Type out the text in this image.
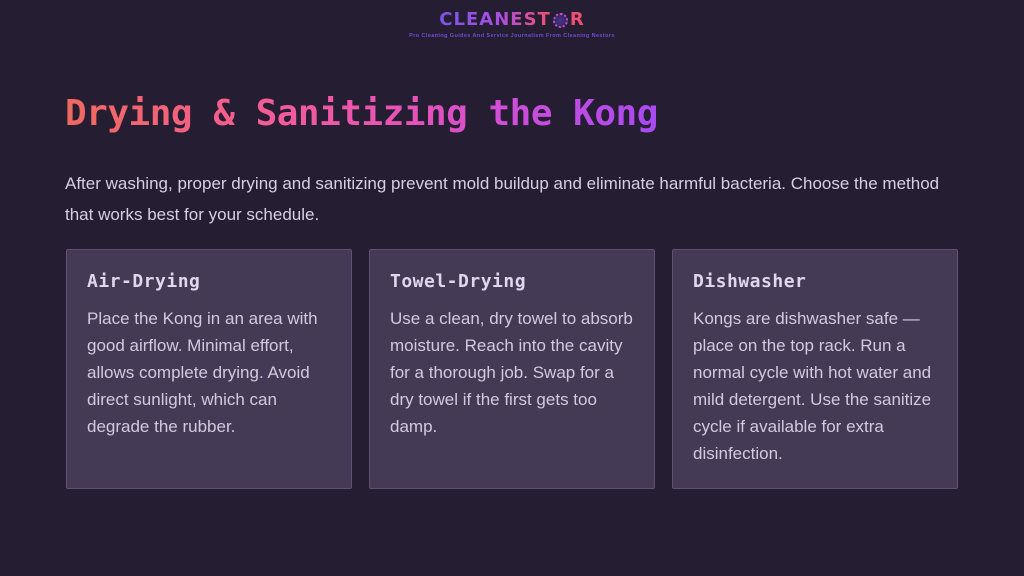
CLEANEST R
Pro Cleaning Guides And Service Journalism From Cleaning Nestors
Drying & Sanitizing the Kong

After washing, proper drying and sanitizing prevent mold buildup and eliminate harmful bacteria. Choose the method that works best for your schedule.

Air-Drying
Place the Kong in an area with good airflow. Minimal effort, allows complete drying. Avoid direct sunlight, which can degrade the rubber.
Towel-Drying
Use a clean, dry towel to absorb moisture. Reach into the cavity for a thorough job. Swap for a dry towel if the first gets too damp.
Dishwasher
Kongs are dishwasher safe — place on the top rack. Run a normal cycle with hot water and mild detergent. Use the sanitize cycle if available for extra disinfection.
